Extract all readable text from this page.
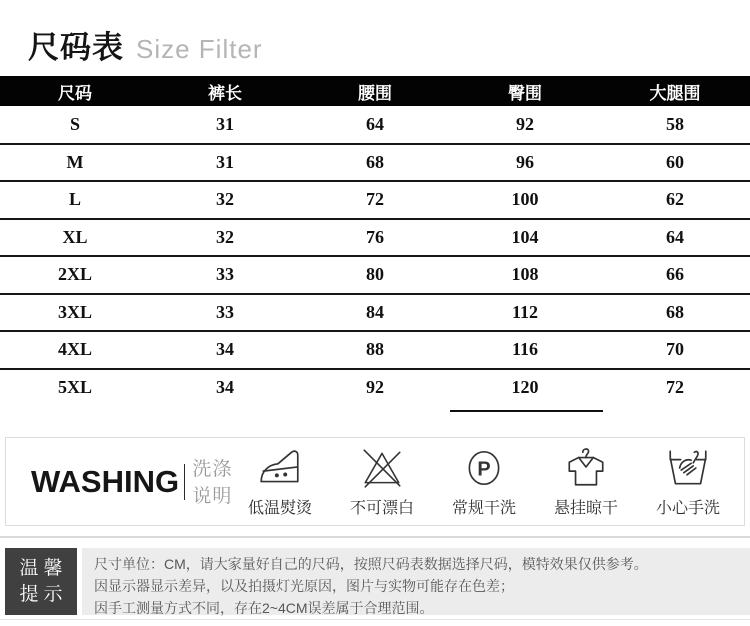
尺码表 Size Filter
尺码	裤长	腰围	臀围	大腿围
S	31	64	92	58
M	31	68	96	60
L	32	72	100	62
XL	32	76	104	64
2XL	33	80	108	66
3XL	33	84	112	68
4XL	34	88	116	70
5XL	34	92	120	72
WASHING 洗涤说明
低温熨烫 不可漂白
P
常规干洗 悬挂晾干 小心手洗
温馨
提示
尺寸单位：CM，请大家量好自己的尺码，按照尺码表数据选择尺码，模特效果仅供参考。
因显示器显示差异，以及拍摄灯光原因，图片与实物可能存在色差；
因手工测量方式不同，存在2~4CM误差属于合理范围。
